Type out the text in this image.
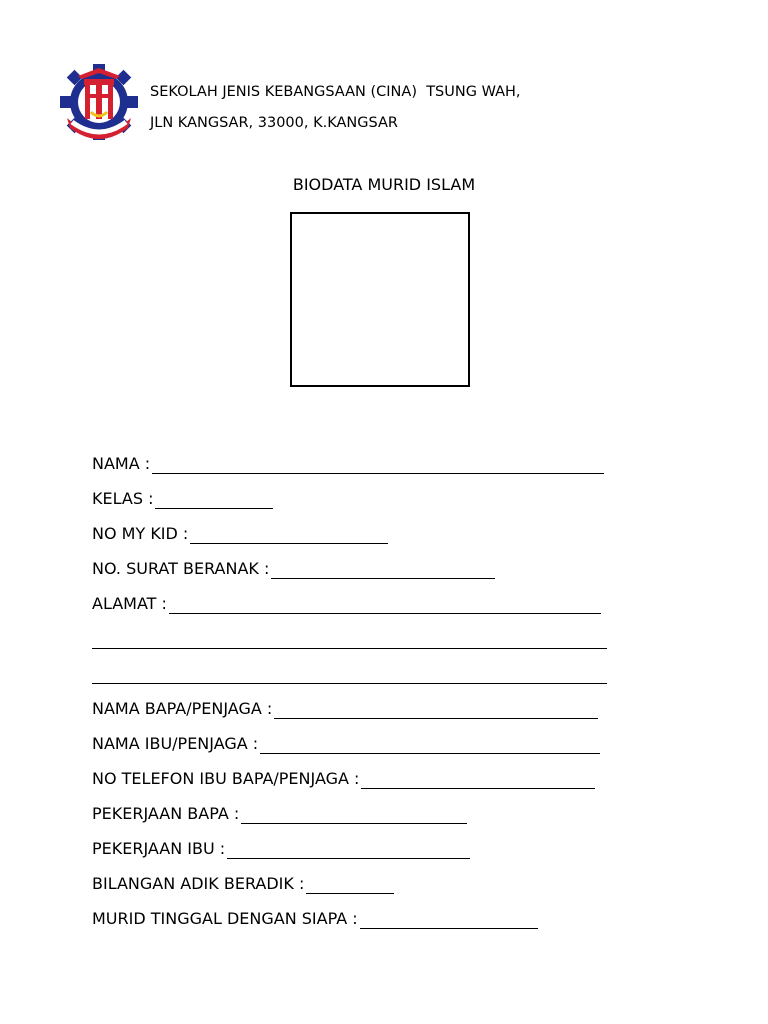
SEKOLAH JENIS KEBANGSAAN (CINA)  TSUNG WAH,
JLN KANGSAR, 33000, K.KANGSAR
BIODATA MURID ISLAM
NAMA :
KELAS :
NO MY KID :
NO. SURAT BERANAK :
ALAMAT :
NAMA BAPA/PENJAGA :
NAMA IBU/PENJAGA :
NO TELEFON IBU BAPA/PENJAGA :
PEKERJAAN BAPA :
PEKERJAAN IBU :
BILANGAN ADIK BERADIK :
MURID TINGGAL DENGAN SIAPA :
